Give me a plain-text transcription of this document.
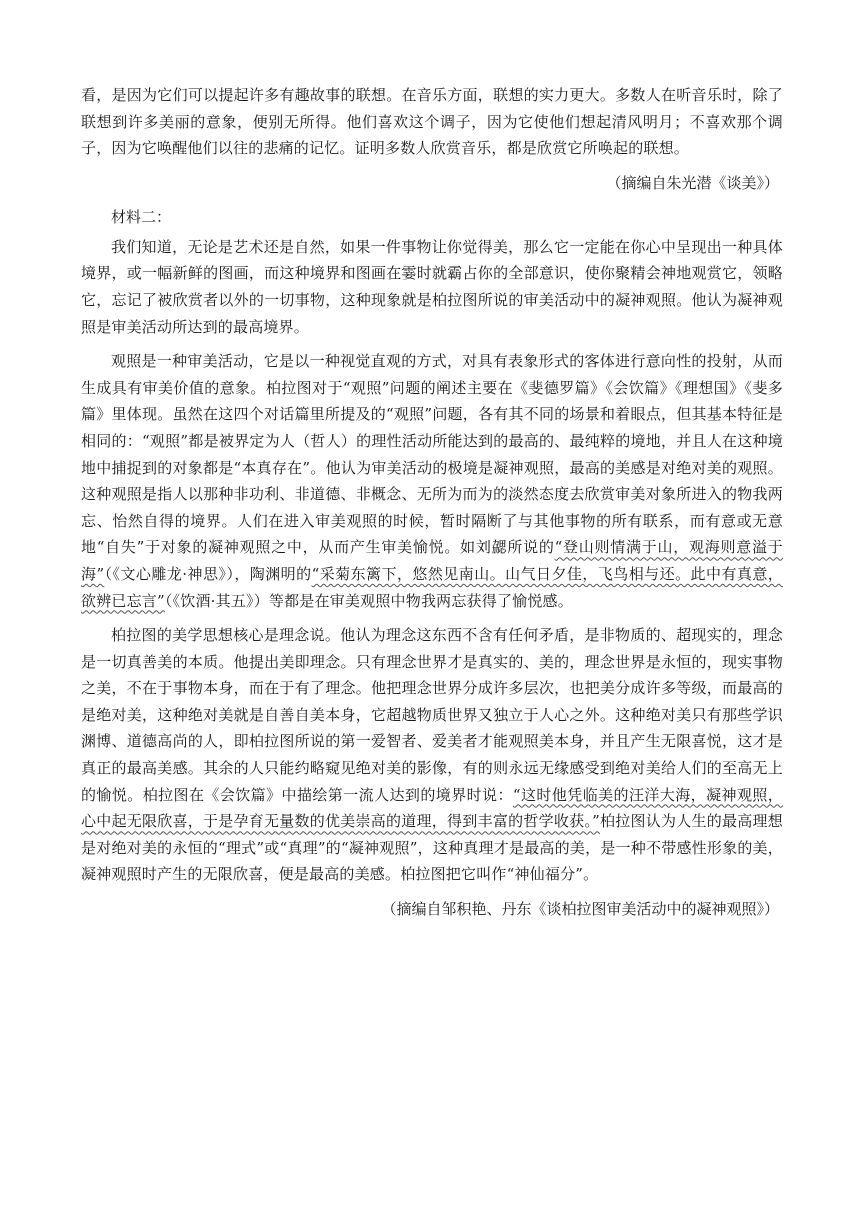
看，是因为它们可以提起许多有趣故事的联想。在音乐方面，联想的实力更大。多数人在听音乐时，除了联想到许多美丽的意象，便别无所得。他们喜欢这个调子，因为它使他们想起清风明月；不喜欢那个调子，因为它唤醒他们以往的悲痛的记忆。证明多数人欣赏音乐，都是欣赏它所唤起的联想。

（摘编自朱光潜《谈美》）

材料二：

我们知道，无论是艺术还是自然，如果一件事物让你觉得美，那么它一定能在你心中呈现出一种具体境界，或一幅新鲜的图画，而这种境界和图画在霎时就霸占你的全部意识，使你聚精会神地观赏它，领略它，忘记了被欣赏者以外的一切事物，这种现象就是柏拉图所说的审美活动中的凝神观照。他认为凝神观照是审美活动所达到的最高境界。

观照是一种审美活动，它是以一种视觉直观的方式，对具有表象形式的客体进行意向性的投射，从而生成具有审美价值的意象。柏拉图对于“观照”问题的阐述主要在《斐德罗篇》《会饮篇》《理想国》《斐多篇》里体现。虽然在这四个对话篇里所提及的“观照”问题，各有其不同的场景和着眼点，但其基本特征是相同的：“观照”都是被界定为人（哲人）的理性活动所能达到的最高的、最纯粹的境地，并且人在这种境地中捕捉到的对象都是“本真存在”。他认为审美活动的极境是凝神观照，最高的美感是对绝对美的观照。这种观照是指人以那种非功利、非道德、非概念、无所为而为的淡然态度去欣赏审美对象所进入的物我两忘、怡然自得的境界。人们在进入审美观照的时候，暂时隔断了与其他事物的所有联系，而有意或无意地“自失”于对象的凝神观照之中，从而产生审美愉悦。如刘勰所说的“登山则情满于山，观海则意溢于海”（《文心雕龙·神思》），陶渊明的“采菊东篱下，悠然见南山。山气日夕佳，飞鸟相与还。此中有真意，欲辨已忘言”（《饮酒·其五》）等都是在审美观照中物我两忘获得了愉悦感。

柏拉图的美学思想核心是理念说。他认为理念这东西不含有任何矛盾，是非物质的、超现实的，理念是一切真善美的本质。他提出美即理念。只有理念世界才是真实的、美的，理念世界是永恒的，现实事物之美，不在于事物本身，而在于有了理念。他把理念世界分成许多层次，也把美分成许多等级，而最高的是绝对美，这种绝对美就是自善自美本身，它超越物质世界又独立于人心之外。这种绝对美只有那些学识渊博、道德高尚的人，即柏拉图所说的第一爱智者、爱美者才能观照美本身，并且产生无限喜悦，这才是真正的最高美感。其余的人只能约略窥见绝对美的影像，有的则永远无缘感受到绝对美给人们的至高无上的愉悦。柏拉图在《会饮篇》中描绘第一流人达到的境界时说：“这时他凭临美的汪洋大海，凝神观照，心中起无限欣喜，于是孕育无量数的优美崇高的道理，得到丰富的哲学收获。”柏拉图认为人生的最高理想是对绝对美的永恒的“理式”或“真理”的“凝神观照”，这种真理才是最高的美，是一种不带感性形象的美，凝神观照时产生的无限欣喜，便是最高的美感。柏拉图把它叫作“神仙福分”。

（摘编自邹积艳、丹东《谈柏拉图审美活动中的凝神观照》）
